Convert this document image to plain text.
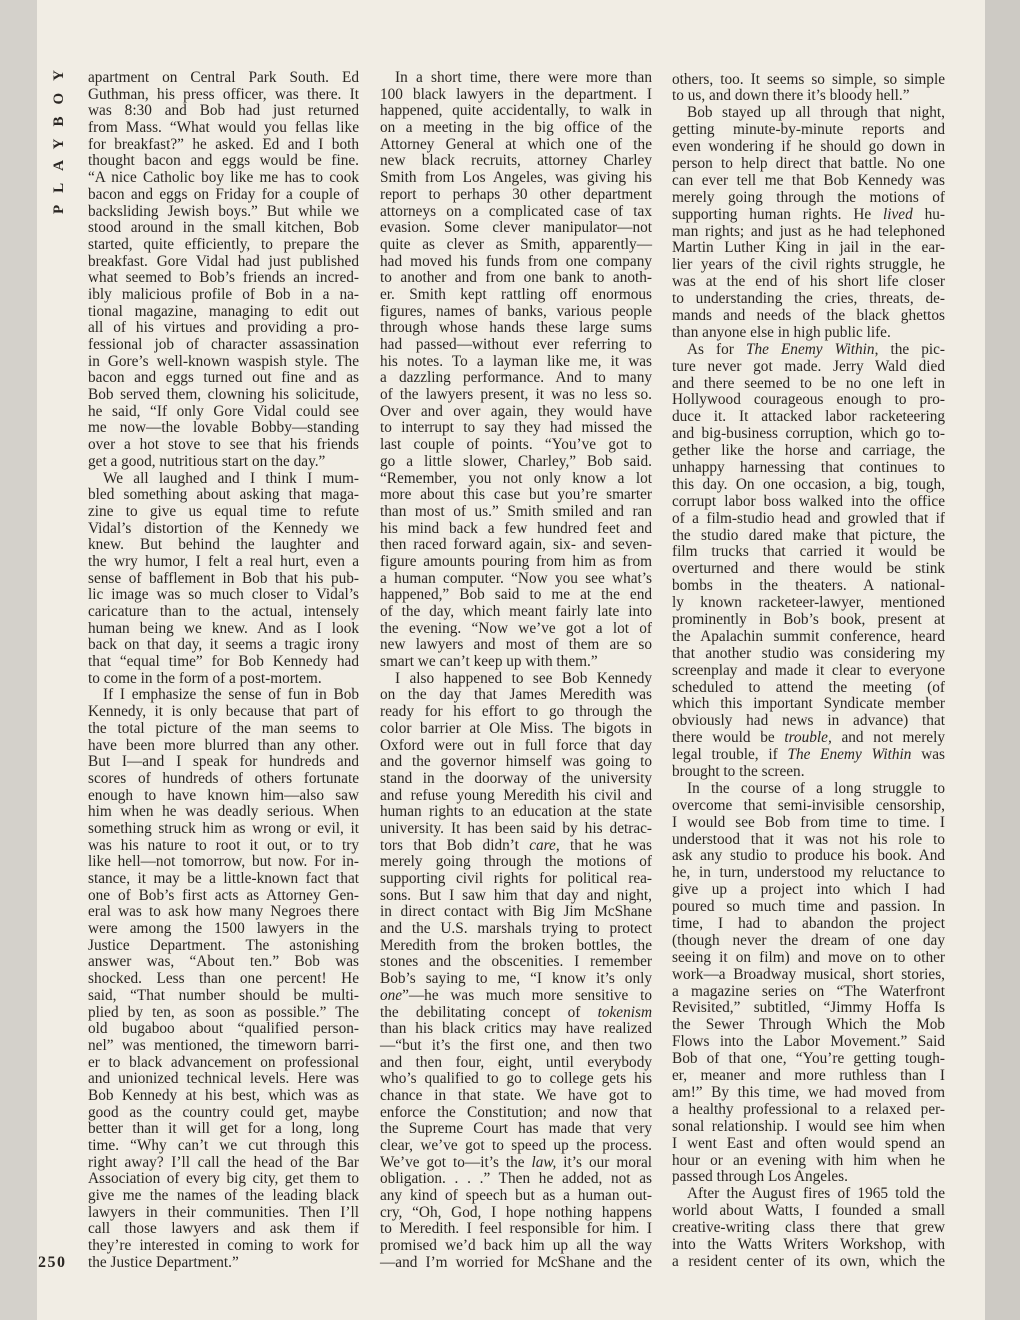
PLAYBOY apartment on Central Park South. Ed
Guthman, his press officer, was there. It
was 8:30 and Bob had just returned
from Mass. “What would you fellas like
for breakfast?” he asked. Ed and I both
thought bacon and eggs would be fine.
“A nice Catholic boy like me has to cook
bacon and eggs on Friday for a couple of
backsliding Jewish boys.” But while we
stood around in the small kitchen, Bob
started, quite efficiently, to prepare the
breakfast. Gore Vidal had just published
what seemed to Bob’s friends an incred-
ibly malicious profile of Bob in a na-
tional magazine, managing to edit out
all of his virtues and providing a pro-
fessional job of character assassination
in Gore’s well-known waspish style. The
bacon and eggs turned out fine and as
Bob served them, clowning his solicitude,
he said, “If only Gore Vidal could see
me now—the lovable Bobby—standing
over a hot stove to see that his friends
get a good, nutritious start on the day.”
We all laughed and I think I mum-
bled something about asking that maga-
zine to give us equal time to refute
Vidal’s distortion of the Kennedy we
knew. But behind the laughter and
the wry humor, I felt a real hurt, even a
sense of bafflement in Bob that his pub-
lic image was so much closer to Vidal’s
caricature than to the actual, intensely
human being we knew. And as I look
back on that day, it seems a tragic irony
that “equal time” for Bob Kennedy had
to come in the form of a post-mortem.
If I emphasize the sense of fun in Bob
Kennedy, it is only because that part of
the total picture of the man seems to
have been more blurred than any other.
But I—and I speak for hundreds and
scores of hundreds of others fortunate
enough to have known him—also saw
him when he was deadly serious. When
something struck him as wrong or evil, it
was his nature to root it out, or to try
like hell—not tomorrow, but now. For in-
stance, it may be a little-known fact that
one of Bob’s first acts as Attorney Gen-
eral was to ask how many Negroes there
were among the 1500 lawyers in the
Justice Department. The astonishing
answer was, “About ten.” Bob was
shocked. Less than one percent! He
said, “That number should be multi-
plied by ten, as soon as possible.” The
old bugaboo about “qualified person-
nel” was mentioned, the timeworn barri-
er to black advancement on professional
and unionized technical levels. Here was
Bob Kennedy at his best, which was as
good as the country could get, maybe
better than it will get for a long, long
time. “Why can’t we cut through this
right away? I’ll call the head of the Bar
Association of every big city, get them to
give me the names of the leading black
lawyers in their communities. Then I’ll
call those lawyers and ask them if
they’re interested in coming to work for
the Justice Department.”
In a short time, there were more than
100 black lawyers in the department. I
happened, quite accidentally, to walk in
on a meeting in the big office of the
Attorney General at which one of the
new black recruits, attorney Charley
Smith from Los Angeles, was giving his
report to perhaps 30 other department
attorneys on a complicated case of tax
evasion. Some clever manipulator—not
quite as clever as Smith, apparently—
had moved his funds from one company
to another and from one bank to anoth-
er. Smith kept rattling off enormous
figures, names of banks, various people
through whose hands these large sums
had passed—without ever referring to
his notes. To a layman like me, it was
a dazzling performance. And to many
of the lawyers present, it was no less so.
Over and over again, they would have
to interrupt to say they had missed the
last couple of points. “You’ve got to
go a little slower, Charley,” Bob said.
“Remember, you not only know a lot
more about this case but you’re smarter
than most of us.” Smith smiled and ran
his mind back a few hundred feet and
then raced forward again, six- and seven-
figure amounts pouring from him as from
a human computer. “Now you see what’s
happened,” Bob said to me at the end
of the day, which meant fairly late into
the evening. “Now we’ve got a lot of
new lawyers and most of them are so
smart we can’t keep up with them.”
I also happened to see Bob Kennedy
on the day that James Meredith was
ready for his effort to go through the
color barrier at Ole Miss. The bigots in
Oxford were out in full force that day
and the governor himself was going to
stand in the doorway of the university
and refuse young Meredith his civil and
human rights to an education at the state
university. It has been said by his detrac-
tors that Bob didn’t care, that he was
merely going through the motions of
supporting civil rights for political rea-
sons. But I saw him that day and night,
in direct contact with Big Jim McShane
and the U.S. marshals trying to protect
Meredith from the broken bottles, the
stones and the obscenities. I remember
Bob’s saying to me, “I know it’s only
one”—he was much more sensitive to
the debilitating concept of tokenism
than his black critics may have realized
—“but it’s the first one, and then two
and then four, eight, until everybody
who’s qualified to go to college gets his
chance in that state. We have got to
enforce the Constitution; and now that
the Supreme Court has made that very
clear, we’ve got to speed up the process.
We’ve got to—it’s the law, it’s our moral
obligation. . . .” Then he added, not as
any kind of speech but as a human out-
cry, “Oh, God, I hope nothing happens
to Meredith. I feel responsible for him. I
promised we’d back him up all the way
—and I’m worried for McShane and the
others, too. It seems so simple, so simple
to us, and down there it’s bloody hell.”
Bob stayed up all through that night,
getting minute-by-minute reports and
even wondering if he should go down in
person to help direct that battle. No one
can ever tell me that Bob Kennedy was
merely going through the motions of
supporting human rights. He lived hu-
man rights; and just as he had telephoned
Martin Luther King in jail in the ear-
lier years of the civil rights struggle, he
was at the end of his short life closer
to understanding the cries, threats, de-
mands and needs of the black ghettos
than anyone else in high public life.
As for The Enemy Within, the pic-
ture never got made. Jerry Wald died
and there seemed to be no one left in
Hollywood courageous enough to pro-
duce it. It attacked labor racketeering
and big-business corruption, which go to-
gether like the horse and carriage, the
unhappy harnessing that continues to
this day. On one occasion, a big, tough,
corrupt labor boss walked into the office
of a film-studio head and growled that if
the studio dared make that picture, the
film trucks that carried it would be
overturned and there would be stink
bombs in the theaters. A national-
ly known racketeer-lawyer, mentioned
prominently in Bob’s book, present at
the Apalachin summit conference, heard
that another studio was considering my
screenplay and made it clear to everyone
scheduled to attend the meeting (of
which this important Syndicate member
obviously had news in advance) that
there would be trouble, and not merely
legal trouble, if The Enemy Within was
brought to the screen.
In the course of a long struggle to
overcome that semi-invisible censorship,
I would see Bob from time to time. I
understood that it was not his role to
ask any studio to produce his book. And
he, in turn, understood my reluctance to
give up a project into which I had
poured so much time and passion. In
time, I had to abandon the project
(though never the dream of one day
seeing it on film) and move on to other
work—a Broadway musical, short stories,
a magazine series on “The Waterfront
Revisited,” subtitled, “Jimmy Hoffa Is
the Sewer Through Which the Mob
Flows into the Labor Movement.” Said
Bob of that one, “You’re getting tough-
er, meaner and more ruthless than I
am!” By this time, we had moved from
a healthy professional to a relaxed per-
sonal relationship. I would see him when
I went East and often would spend an
hour or an evening with him when he
passed through Los Angeles.
After the August fires of 1965 told the
world about Watts, I founded a small
creative-writing class there that grew
into the Watts Writers Workshop, with
a resident center of its own, which the
250
